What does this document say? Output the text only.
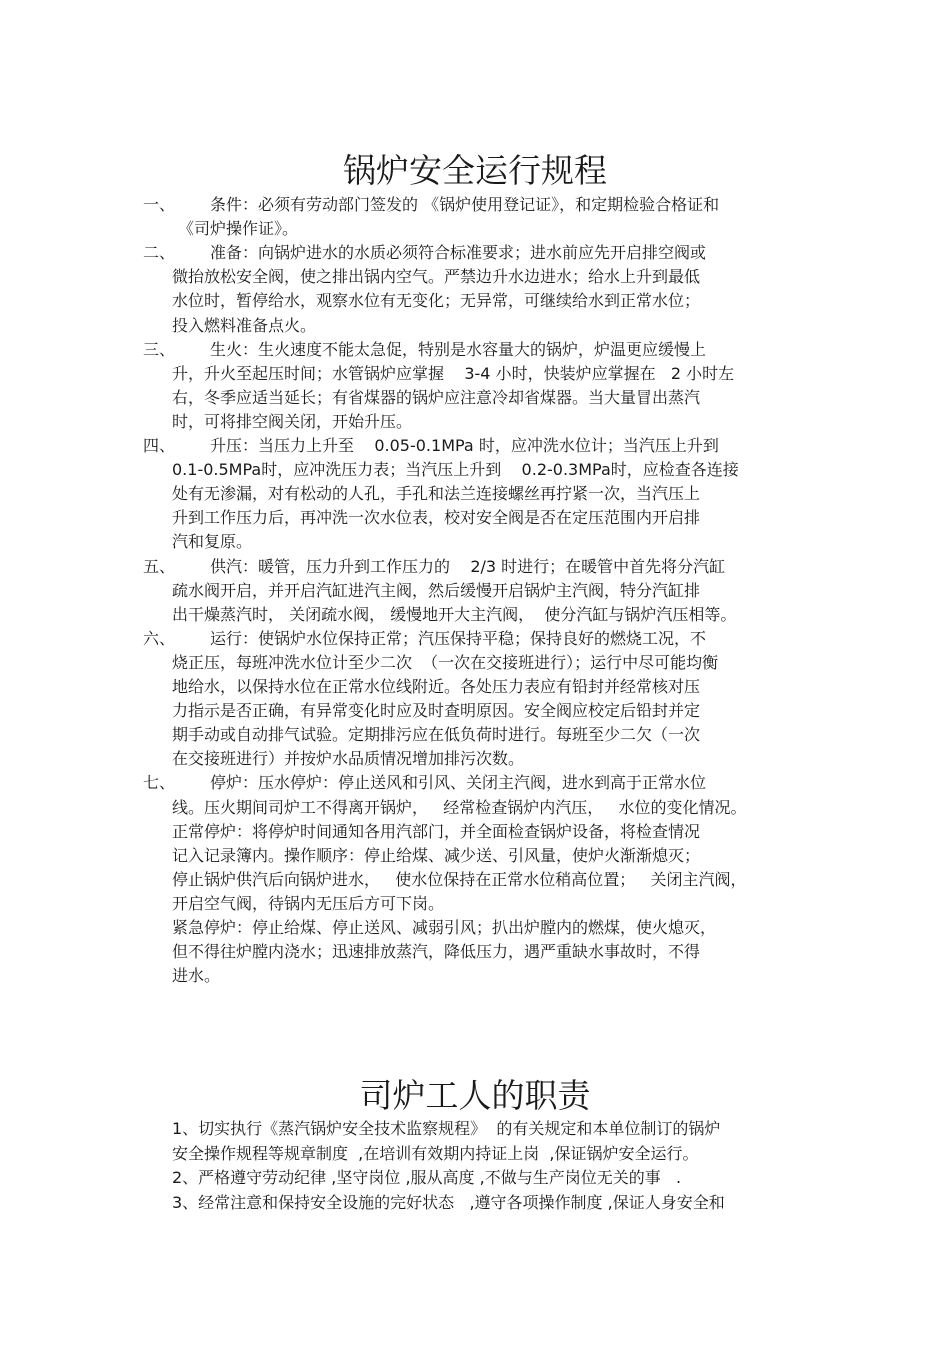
锅炉安全运行规程
一、 条件：必须有劳动部门签发的 《锅炉使用登记证》，和定期检验合格证和
《司炉操作证》。
二、 准备：向锅炉进水的水质必须符合标准要求；进水前应先开启排空阀或
微抬放松安全阀，使之排出锅内空气。严禁边升水边进水；给水上升到最低
水位时，暂停给水，观察水位有无变化；无异常，可继续给水到正常水位；
投入燃料准备点火。
三、 生火：生火速度不能太急促，特别是水容量大的锅炉，炉温更应缓慢上
升，升火至起压时间；水管锅炉应掌握    3-4 小时，快装炉应掌握在   2 小时左
右，冬季应适当延长；有省煤器的锅炉应注意冷却省煤器。当大量冒出蒸汽
时，可将排空阀关闭，开始升压。
四、 升压：当压力上升至    0.05-0.1MPa 时，应冲洗水位计；当汽压上升到
0.1-0.5MPa时，应冲洗压力表；当汽压上升到    0.2-0.3MPa时，应检查各连接
处有无渗漏，对有松动的人孔，手孔和法兰连接螺丝再拧紧一次，当汽压上
升到工作压力后，再冲洗一次水位表，校对安全阀是否在定压范围内开启排
汽和复原。
五、 供汽：暖管，压力升到工作压力的    2/3 时进行；在暖管中首先将分汽缸
疏水阀开启，并开启汽缸进汽主阀，然后缓慢开启锅炉主汽阀，特分汽缸排
出干燥蒸汽时， 关闭疏水阀， 缓慢地开大主汽阀，  使分汽缸与锅炉汽压相等。
六、 运行：使锅炉水位保持正常；汽压保持平稳；保持良好的燃烧工况，不
烧正压，每班冲洗水位计至少二次  （一次在交接班进行）；运行中尽可能均衡
地给水，以保持水位在正常水位线附近。各处压力表应有铅封并经常核对压
力指示是否正确，有异常变化时应及时查明原因。安全阀应校定后铅封并定
期手动或自动排气试验。定期排污应在低负荷时进行。每班至少二欠（一次
在交接班进行）并按炉水品质情况增加排污次数。
七、 停炉：压水停炉：停止送风和引风、关闭主汽阀，进水到高于正常水位
线。压火期间司炉工不得离开锅炉，   经常检查锅炉内汽压，   水位的变化情况。
正常停炉：将停炉时间通知各用汽部门，并全面检查锅炉设备，将检查情况
记入记录簿内。操作顺序：停止给煤、减少送、引风量，使炉火渐渐熄灭；
停止锅炉供汽后向锅炉进水，   使水位保持在正常水位稍高位置；   关闭主汽阀，
开启空气阀，待锅内无压后方可下岗。
紧急停炉：停止给煤、停止送风、减弱引风；扒出炉膛内的燃煤，使火熄灭，
但不得往炉膛内浇水；迅速排放蒸汽，降低压力，遇严重缺水事故时，不得
进水。
司炉工人的职责
1、切实执行《蒸汽锅炉安全技术监察规程》  的有关规定和本单位制订的锅炉
安全操作规程等规章制度  ,在培训有效期内持证上岗  ,保证锅炉安全运行。
2、严格遵守劳动纪律 ,坚守岗位 ,服从高度 ,不做与生产岗位无关的事   .
3、经常注意和保持安全设施的完好状态   ,遵守各项操作制度 ,保证人身安全和
